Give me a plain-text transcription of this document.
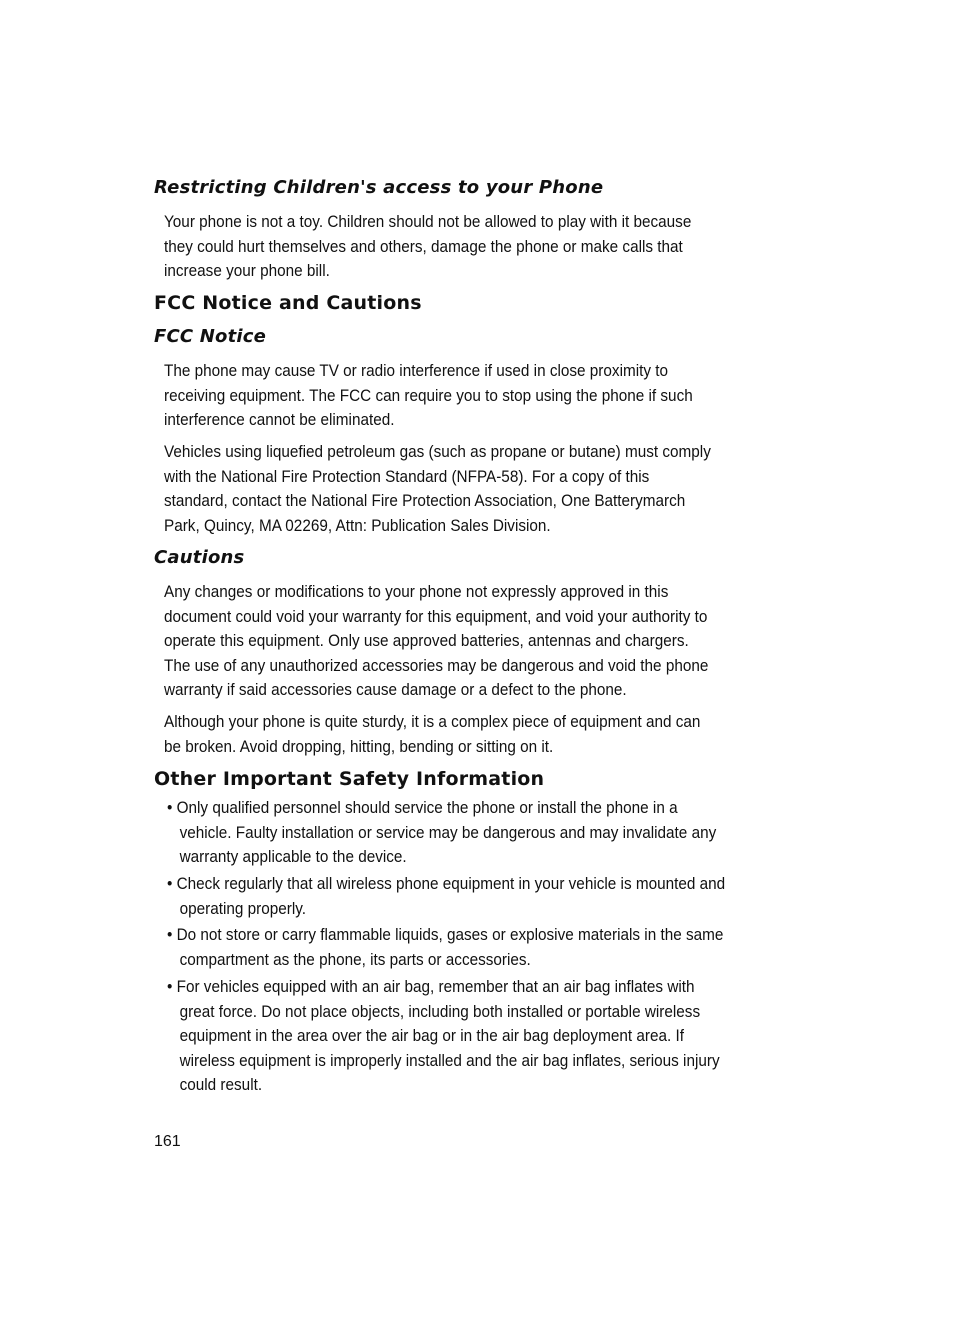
Restricting Children's access to your Phone

Your phone is not a toy. Children should not be allowed to play with it because they could hurt themselves and others, damage the phone or make calls that increase your phone bill.

FCC Notice and Cautions
FCC Notice

The phone may cause TV or radio interference if used in close proximity to receiving equipment. The FCC can require you to stop using the phone if such interference cannot be eliminated.

Vehicles using liquefied petroleum gas (such as propane or butane) must comply with the National Fire Protection Standard (NFPA-58). For a copy of this standard, contact the National Fire Protection Association, One Batterymarch Park, Quincy, MA 02269, Attn: Publication Sales Division.

Cautions

Any changes or modifications to your phone not expressly approved in this document could void your warranty for this equipment, and void your authority to operate this equipment. Only use approved batteries, antennas and chargers. The use of any unauthorized accessories may be dangerous and void the phone warranty if said accessories cause damage or a defect to the phone.

Although your phone is quite sturdy, it is a complex piece of equipment and can be broken. Avoid dropping, hitting, bending or sitting on it.

Other Important Safety Information

• Only qualified personnel should service the phone or install the phone in a vehicle. Faulty installation or service may be dangerous and may invalidate any warranty applicable to the device.

• Check regularly that all wireless phone equipment in your vehicle is mounted and operating properly.

• Do not store or carry flammable liquids, gases or explosive materials in the same compartment as the phone, its parts or accessories.

• For vehicles equipped with an air bag, remember that an air bag inflates with great force. Do not place objects, including both installed or portable wireless equipment in the area over the air bag or in the air bag deployment area. If wireless equipment is improperly installed and the air bag inflates, serious injury could result.

161
